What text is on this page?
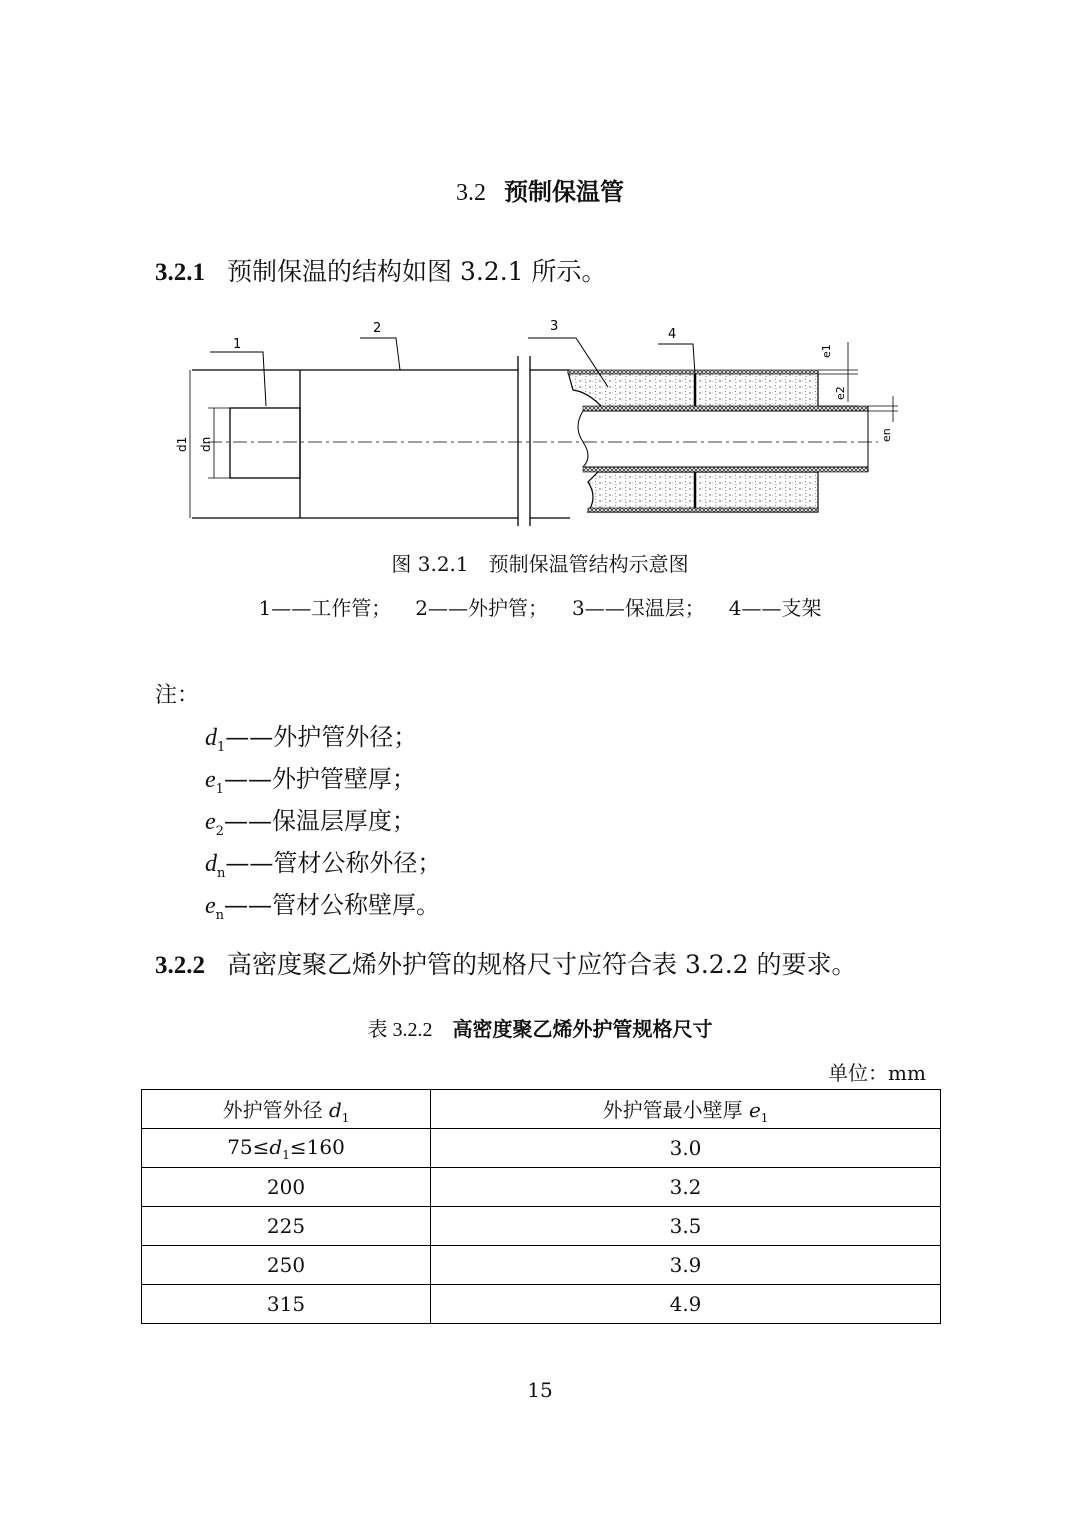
3.2 预制保温管
3.2.1 预制保温的结构如图 3.2.1 所示。
1
2	3
4
d1 dn
e1
e2
en
图 3.2.1　预制保温管结构示意图
1——工作管； 2——外护管； 3——保温层； 4——支架
注：
$d_1——$外护管外径；
$e_1——$外护管壁厚；
$e_2——$保温层厚度；
$d_n——$管材公称外径；
$e_n——$管材公称壁厚。
3.2.2 高密度聚乙烯外护管的规格尺寸应符合表 3.2.2 的要求。
表 3.2.2　 高密度聚乙烯外护管规格尺寸
单位：mm
外护管外径 $d_1$	外护管最小壁厚 $e_1$
$75\le d_1\le 160$	3.0
200	3.2
225	3.5
250	3.9
315	4.9
15
